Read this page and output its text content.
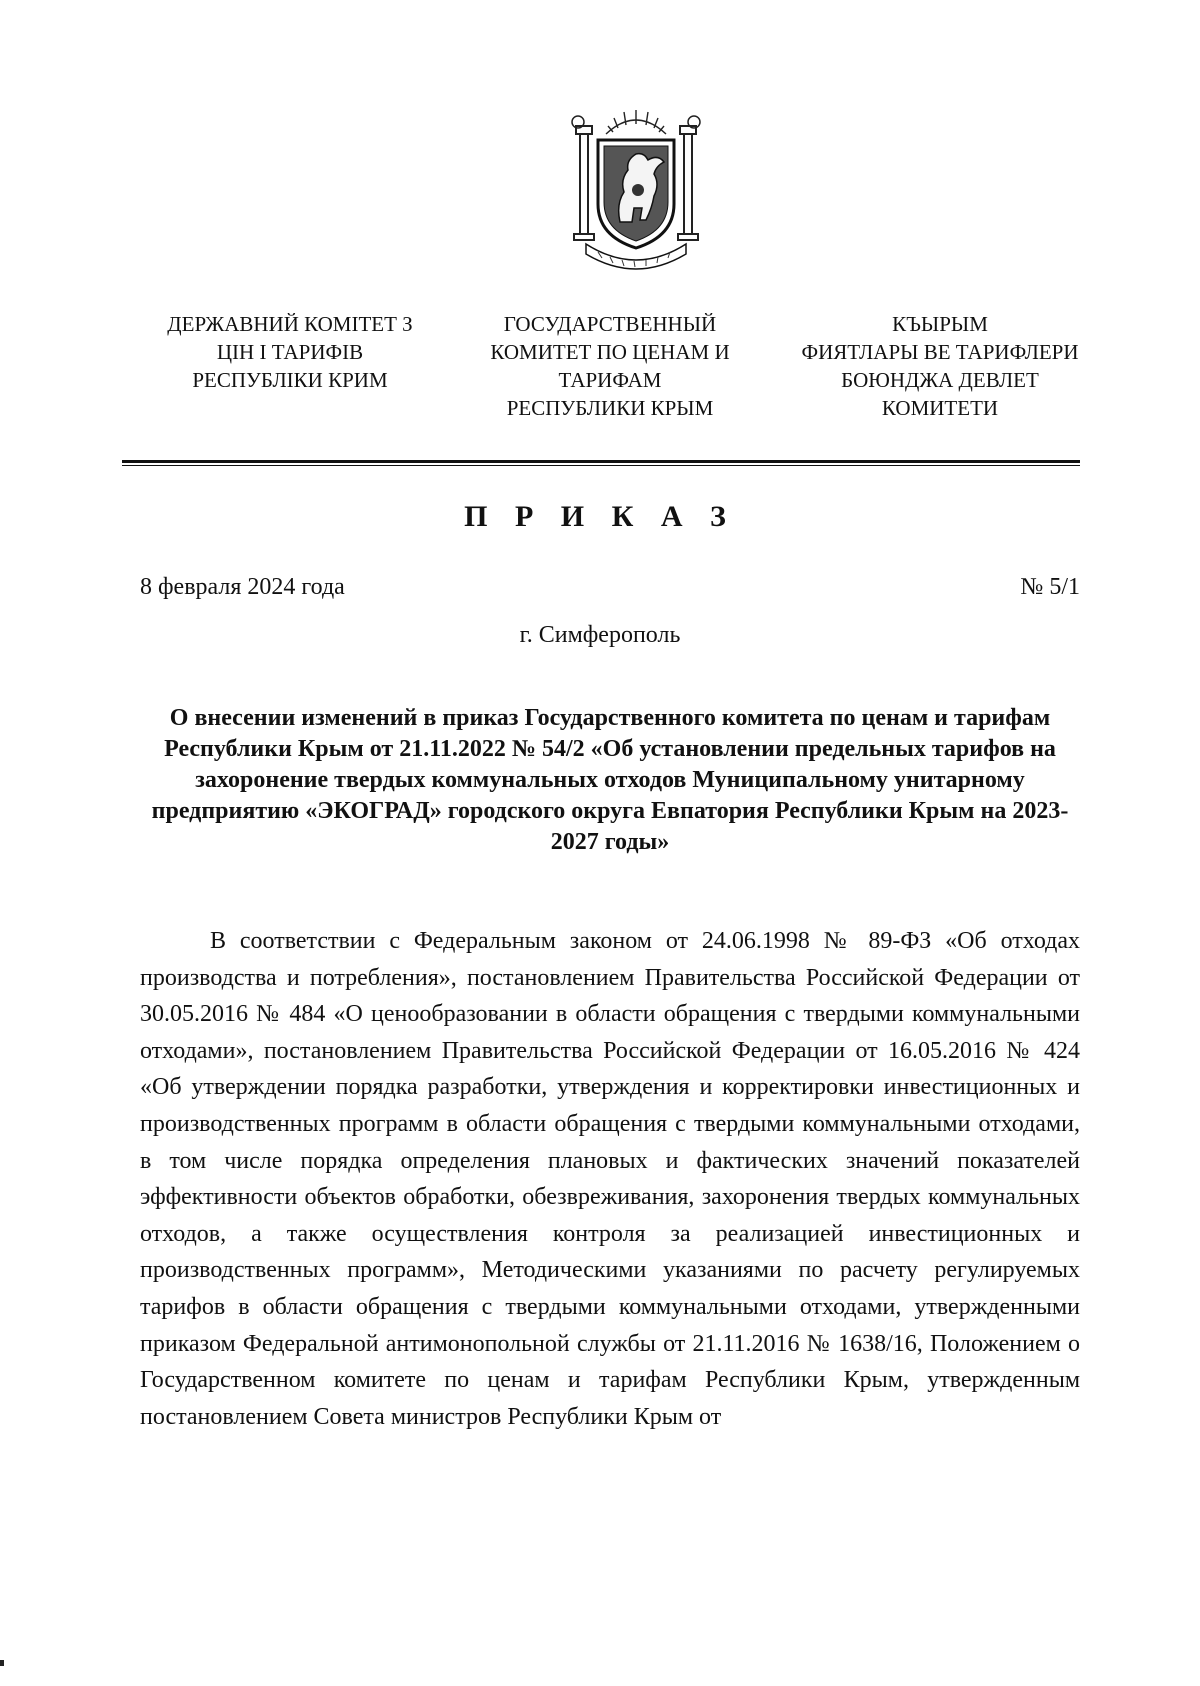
ДЕРЖАВНИЙ КОМІТЕТ З
ЦІН І ТАРИФІВ
РЕСПУБЛІКИ КРИМ
ГОСУДАРСТВЕННЫЙ
КОМИТЕТ ПО ЦЕНАМ И
ТАРИФАМ
РЕСПУБЛИКИ КРЫМ
КЪЫРЫМ
ФИЯТЛАРЫ ВЕ ТАРИФЛЕРИ
БОЮНДЖА ДЕВЛЕТ
КОМИТЕТИ
П Р И К А З
8 февраля 2024 года	№ 5/1
г. Симферополь
О внесении изменений в приказ Государственного комитета по ценам и тарифам Республики Крым от 21.11.2022 № 54/2 «Об установлении предельных тарифов на захоронение твердых коммунальных отходов Муниципальному унитарному предприятию «ЭКОГРАД» городского округа Евпатория Республики Крым на 2023-2027 годы»
В соответствии с Федеральным законом от 24.06.1998 № 89-ФЗ «Об отходах производства и потребления», постановлением Правительства Российской Федерации от 30.05.2016 № 484 «О ценообразовании в области обращения с твердыми коммунальными отходами», постановлением Правительства Российской Федерации от 16.05.2016 № 424 «Об утверждении порядка разработки, утверждения и корректировки инвестиционных и производственных программ в области обращения с твердыми коммунальными отходами, в том числе порядка определения плановых и фактических значений показателей эффективности объектов обработки, обезвреживания, захоронения твердых коммунальных отходов, а также осуществления контроля за реализацией инвестиционных и производственных программ», Методическими указаниями по расчету регулируемых тарифов в области обращения с твердыми коммунальными отходами, утвержденными приказом Федеральной антимонопольной службы от 21.11.2016 № 1638/16, Положением о Государственном комитете по ценам и тарифам Республики Крым, утвержденным постановлением Совета министров Республики Крым от
